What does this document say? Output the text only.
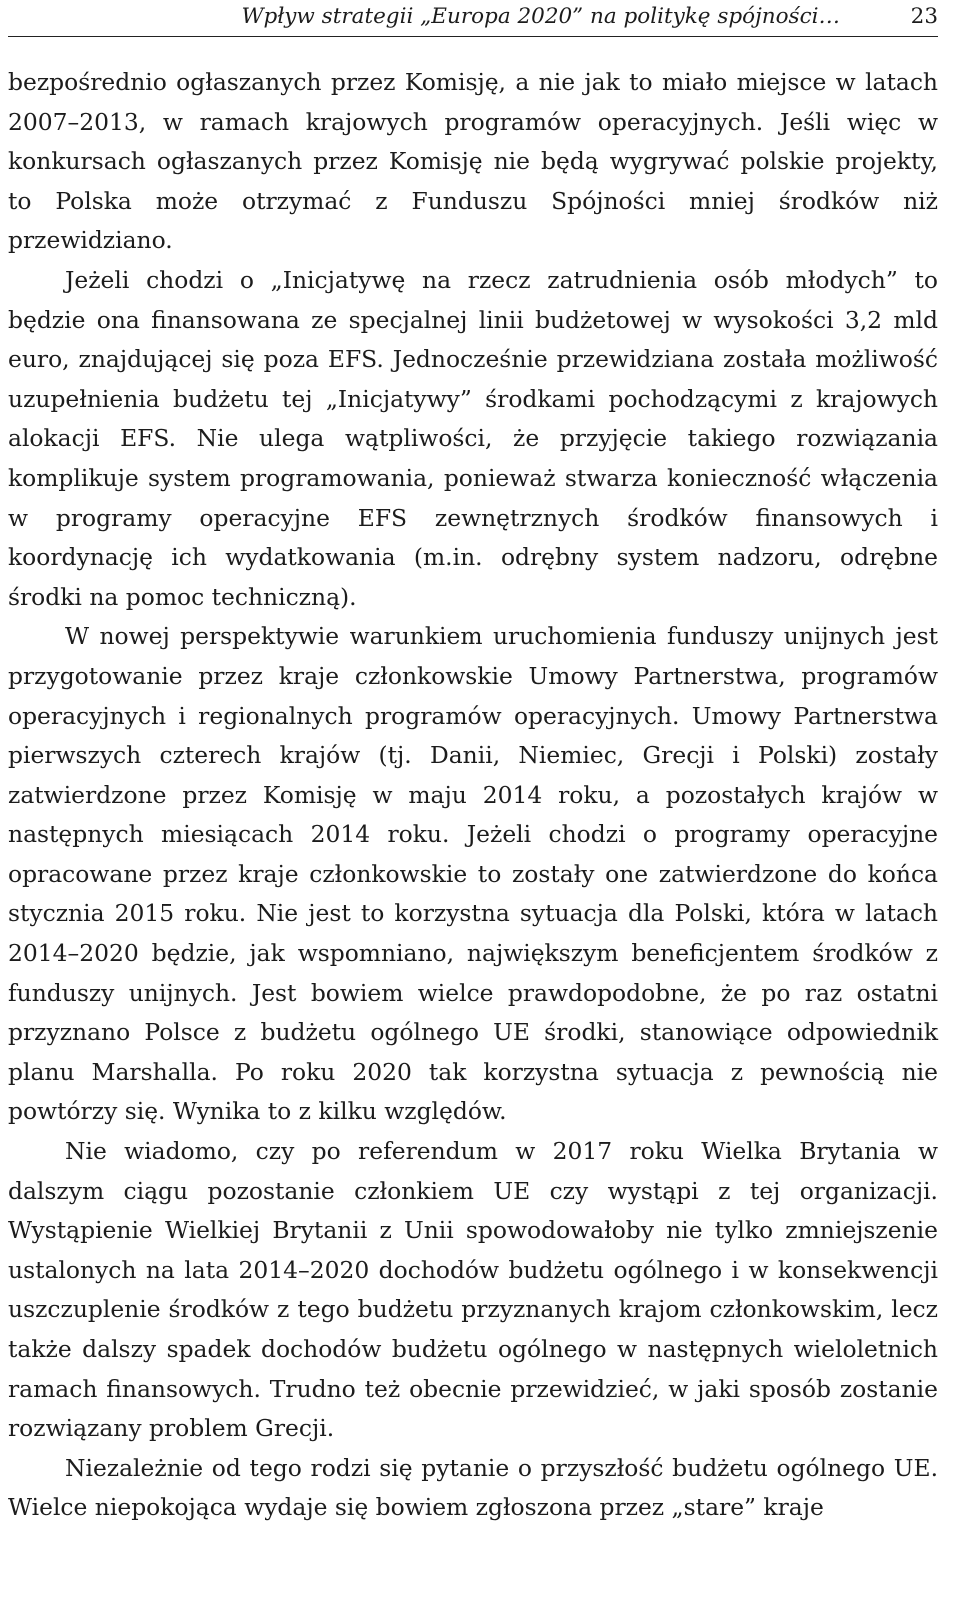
Wpływ strategii „Europa 2020” na politykę spójności…	23

bezpośrednio ogłaszanych przez Komisję, a nie jak to miało miejsce w latach 2007–2013, w ramach krajowych programów operacyjnych. Jeśli więc w konkursach ogłaszanych przez Komisję nie będą wygrywać polskie projekty, to Polska może otrzymać z Funduszu Spójności mniej środków niż przewidziano.

Jeżeli chodzi o „Inicjatywę na rzecz zatrudnienia osób młodych” to będzie ona finansowana ze specjalnej linii budżetowej w wysokości 3,2 mld euro, znajdującej się poza EFS. Jednocześnie przewidziana została możliwość uzupełnienia budżetu tej „Inicjatywy” środkami pochodzącymi z krajowych alokacji EFS. Nie ulega wątpliwości, że przyjęcie takiego rozwiązania komplikuje system programowania, ponieważ stwarza konieczność włączenia w programy operacyjne EFS zewnętrznych środków finansowych i koordynację ich wydatkowania (m.in. odrębny system nadzoru, odrębne środki na pomoc techniczną).

W nowej perspektywie warunkiem uruchomienia funduszy unijnych jest przygotowanie przez kraje członkowskie Umowy Partnerstwa, programów operacyjnych i regionalnych programów operacyjnych. Umowy Partnerstwa pierwszych czterech krajów (tj. Danii, Niemiec, Grecji i Polski) zostały zatwierdzone przez Komisję w maju 2014 roku, a pozostałych krajów w następnych miesiącach 2014 roku. Jeżeli chodzi o programy operacyjne opracowane przez kraje członkowskie to zostały one zatwierdzone do końca stycznia 2015 roku. Nie jest to korzystna sytuacja dla Polski, która w latach 2014–2020 będzie, jak wspomniano, największym beneficjentem środków z funduszy unijnych. Jest bowiem wielce prawdopodobne, że po raz ostatni przyznano Polsce z budżetu ogólnego UE środki, stanowiące odpowiednik planu Marshalla. Po roku 2020 tak korzystna sytuacja z pewnością nie powtórzy się. Wynika to z kilku względów.

Nie wiadomo, czy po referendum w 2017 roku Wielka Brytania w dalszym ciągu pozostanie członkiem UE czy wystąpi z tej organizacji. Wystąpienie Wielkiej Brytanii z Unii spowodowałoby nie tylko zmniejszenie ustalonych na lata 2014–2020 dochodów budżetu ogólnego i w konsekwencji uszczuplenie środków z tego budżetu przyznanych krajom członkowskim, lecz także dalszy spadek dochodów budżetu ogólnego w następnych wieloletnich ramach finansowych. Trudno też obecnie przewidzieć, w jaki sposób zostanie rozwiązany problem Grecji.

Niezależnie od tego rodzi się pytanie o przyszłość budżetu ogólnego UE. Wielce niepokojąca wydaje się bowiem zgłoszona przez „stare” kraje
